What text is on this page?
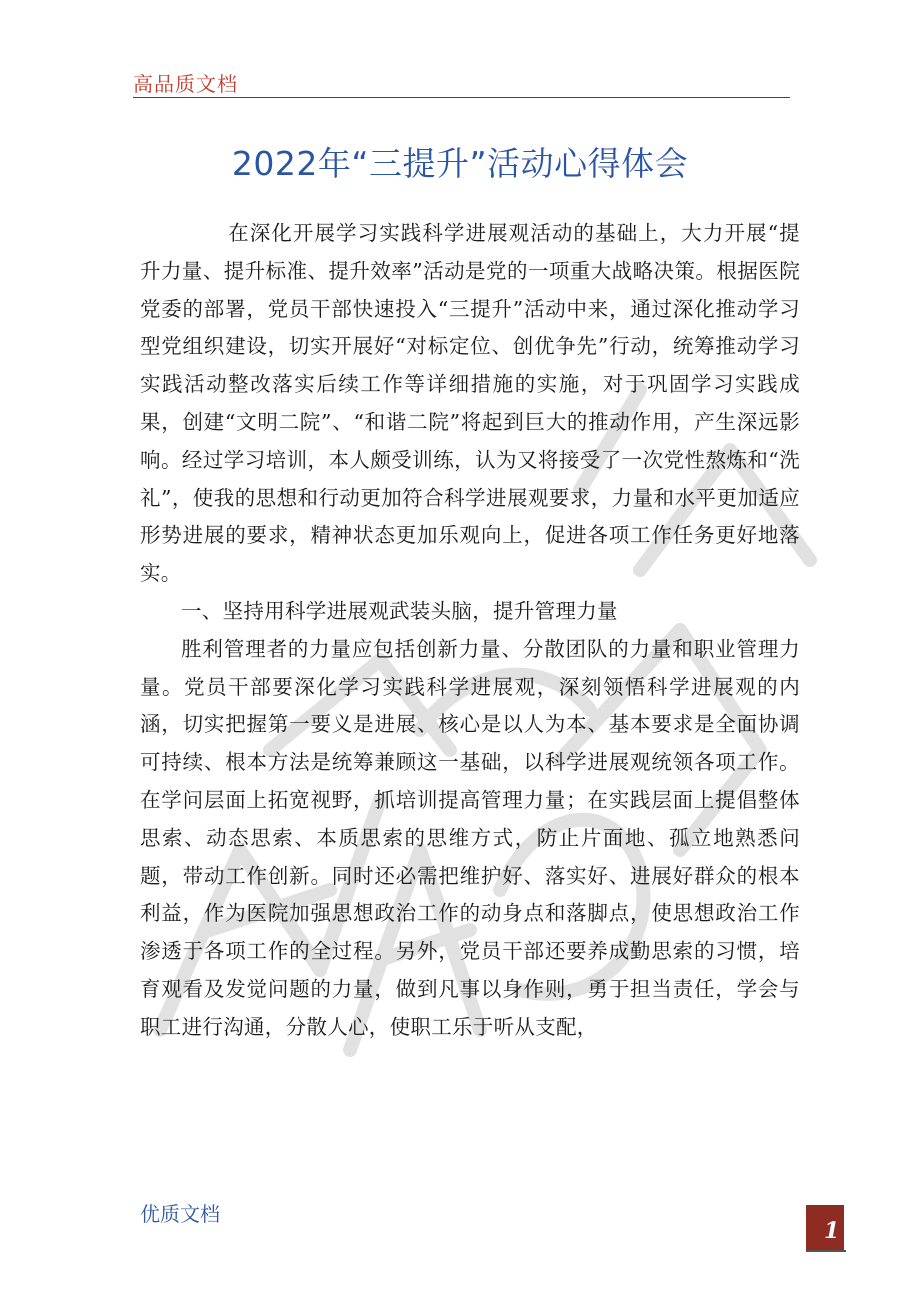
高品质文档
2022年“三提升”活动心得体会

在深化开展学习实践科学进展观活动的基础上，大力开展“提升力量、提升标准、提升效率”活动是党的一项重大战略决策。根据医院党委的部署，党员干部快速投入“三提升”活动中来，通过深化推动学习型党组织建设，切实开展好“对标定位、创优争先”行动，统筹推动学习实践活动整改落实后续工作等详细措施的实施，对于巩固学习实践成果，创建“文明二院”、“和谐二院”将起到巨大的推动作用，产生深远影响。经过学习培训，本人颇受训练，认为又将接受了一次党性熬炼和“洗礼”，使我的思想和行动更加符合科学进展观要求，力量和水平更加适应形势进展的要求，精神状态更加乐观向上，促进各项工作任务更好地落实。

一、坚持用科学进展观武装头脑，提升管理力量

胜利管理者的力量应包括创新力量、分散团队的力量和职业管理力量。党员干部要深化学习实践科学进展观，深刻领悟科学进展观的内涵，切实把握第一要义是进展、核心是以人为本、基本要求是全面协调可持续、根本方法是统筹兼顾这一基础，以科学进展观统领各项工作。在学问层面上拓宽视野，抓培训提高管理力量；在实践层面上提倡整体思索、动态思索、本质思索的思维方式，防止片面地、孤立地熟悉问题，带动工作创新。同时还必需把维护好、落实好、进展好群众的根本利益，作为医院加强思想政治工作的动身点和落脚点，使思想政治工作渗透于各项工作的全过程。另外，党员干部还要养成勤思索的习惯，培育观看及发觉问题的力量，做到凡事以身作则，勇于担当责任，学会与职工进行沟通，分散人心，使职工乐于听从支配，

优质文档
1
